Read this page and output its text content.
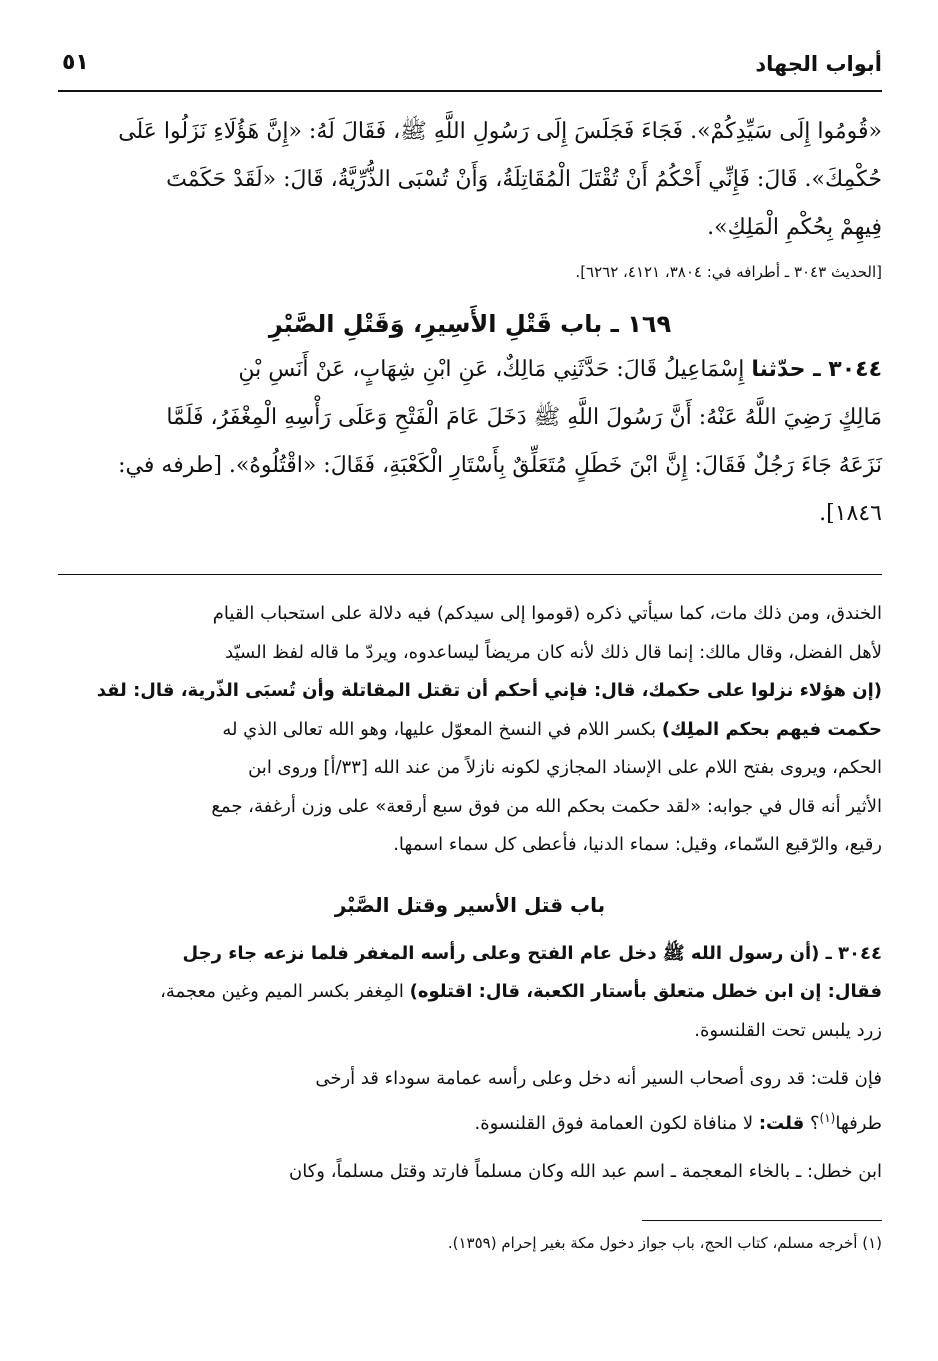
أبواب الجهاد
٥١

«قُومُوا إِلَى سَيِّدِكُمْ». فَجَاءَ فَجَلَسَ إِلَى رَسُولِ اللَّهِ ﷺ، فَقَالَ لَهُ: «إِنَّ هَؤُلَاءِ نَزَلُوا عَلَى

حُكْمِكَ». قَالَ: فَإِنِّي أَحْكُمُ أَنْ تُقْتَلَ الْمُقَاتِلَةُ، وَأَنْ تُسْبَى الذُّرِّيَّةُ، قَالَ: «لَقَدْ حَكَمْتَ

فِيهِمْ بِحُكْمِ الْمَلِكِ».

[الحديث ٣٠٤٣ ـ أطرافه في: ٣٨٠٤، ٤١٢١، ٦٢٦٢].
١٦٩ ـ باب قَتْلِ الأَسِيرِ، وَقَتْلِ الصَّبْرِ

٣٠٤٤ ـ حدّثنا إِسْمَاعِيلُ قَالَ: حَدَّثَنِي مَالِكٌ، عَنِ ابْنِ شِهَابٍ، عَنْ أَنَسِ بْنِ

مَالِكٍ رَضِيَ اللَّهُ عَنْهُ: أَنَّ رَسُولَ اللَّهِ ﷺ دَخَلَ عَامَ الْفَتْحِ وَعَلَى رَأْسِهِ الْمِغْفَرُ، فَلَمَّا

نَزَعَهُ جَاءَ رَجُلٌ فَقَالَ: إِنَّ ابْنَ خَطَلٍ مُتَعَلِّقٌ بِأَسْتَارِ الْكَعْبَةِ، فَقَالَ: «اقْتُلُوهُ». [طرفه في:

١٨٤٦].

الخندق، ومن ذلك مات، كما سيأتي ذكره (قوموا إلى سيدكم) فيه دلالة على استحباب القيام

لأهل الفضل، وقال مالك: إنما قال ذلك لأنه كان مريضاً ليساعدوه، ويردّ ما قاله لفظ السيّد

(إن هؤلاء نزلوا على حكمك، قال: فإني أحكم أن تقتل المقاتلة وأن تُسبَى الذّرية، قال: لقد

حكمت فيهم بحكم الملِك) بكسر اللام في النسخ المعوّل عليها، وهو الله تعالى الذي له

الحكم، ويروى بفتح اللام على الإسناد المجازي لكونه نازلاً من عند الله [٣٣/أ] وروى ابن

الأثير أنه قال في جوابه: «لقد حكمت بحكم الله من فوق سبع أرقعة» على وزن أرغفة، جمع

رقيع، والرّقيع السّماء، وقيل: سماء الدنيا، فأعطى كل سماء اسمها.

باب قتل الأسير وقتل الصَّبْر

٣٠٤٤ ـ (أن رسول الله ﷺ دخل عام الفتح وعلى رأسه المغفر فلما نزعه جاء رجل

فقال: إن ابن خطل متعلق بأستار الكعبة، قال: اقتلوه) المِغفر بكسر الميم وغين معجمة،

زرد يلبس تحت القلنسوة.

فإن قلت: قد روى أصحاب السير أنه دخل وعلى رأسه عمامة سوداء قد أرخى

طرفها$^{(١)}$؟ قلت: لا منافاة لكون العمامة فوق القلنسوة.

ابن خطل: ـ بالخاء المعجمة ـ اسم عبد الله وكان مسلماً فارتد وقتل مسلماً، وكان

(١) أخرجه مسلم، كتاب الحج، باب جواز دخول مكة بغير إحرام (١٣٥٩).
